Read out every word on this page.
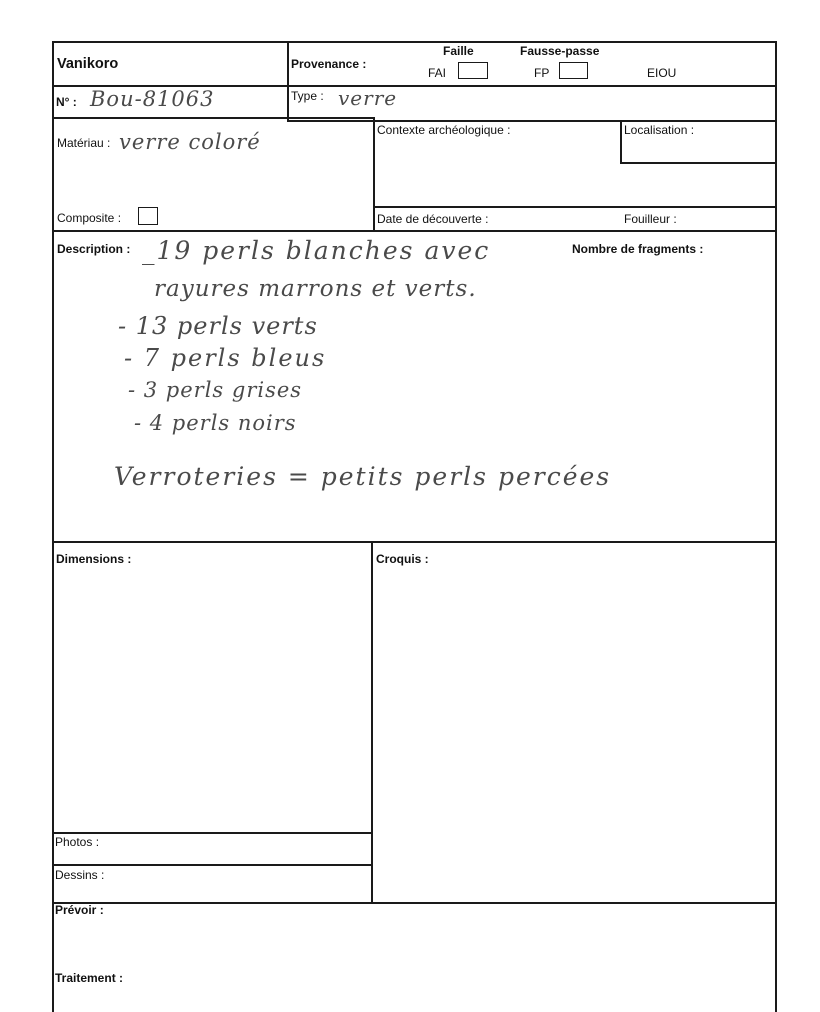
Vanikoro	Provenance :
Faille	Fausse-passe
FAI	FP	EIOU
N° : Bou-81063	Type : verre
Matériau : verre coloré
Composite :
Contexte archéologique :	Localisation :
Date de découverte :	Fouilleur :
Description :	Nombre de fragments :
_19 perls blanches avec
rayures marrons et verts.
- 13 perls verts
- 7 perls bleus
- 3 perls grises
- 4 perls noirs
Verroteries = petits perls percées
Dimensions :	Croquis :
Photos :
Dessins :
Prévoir :
Traitement :
